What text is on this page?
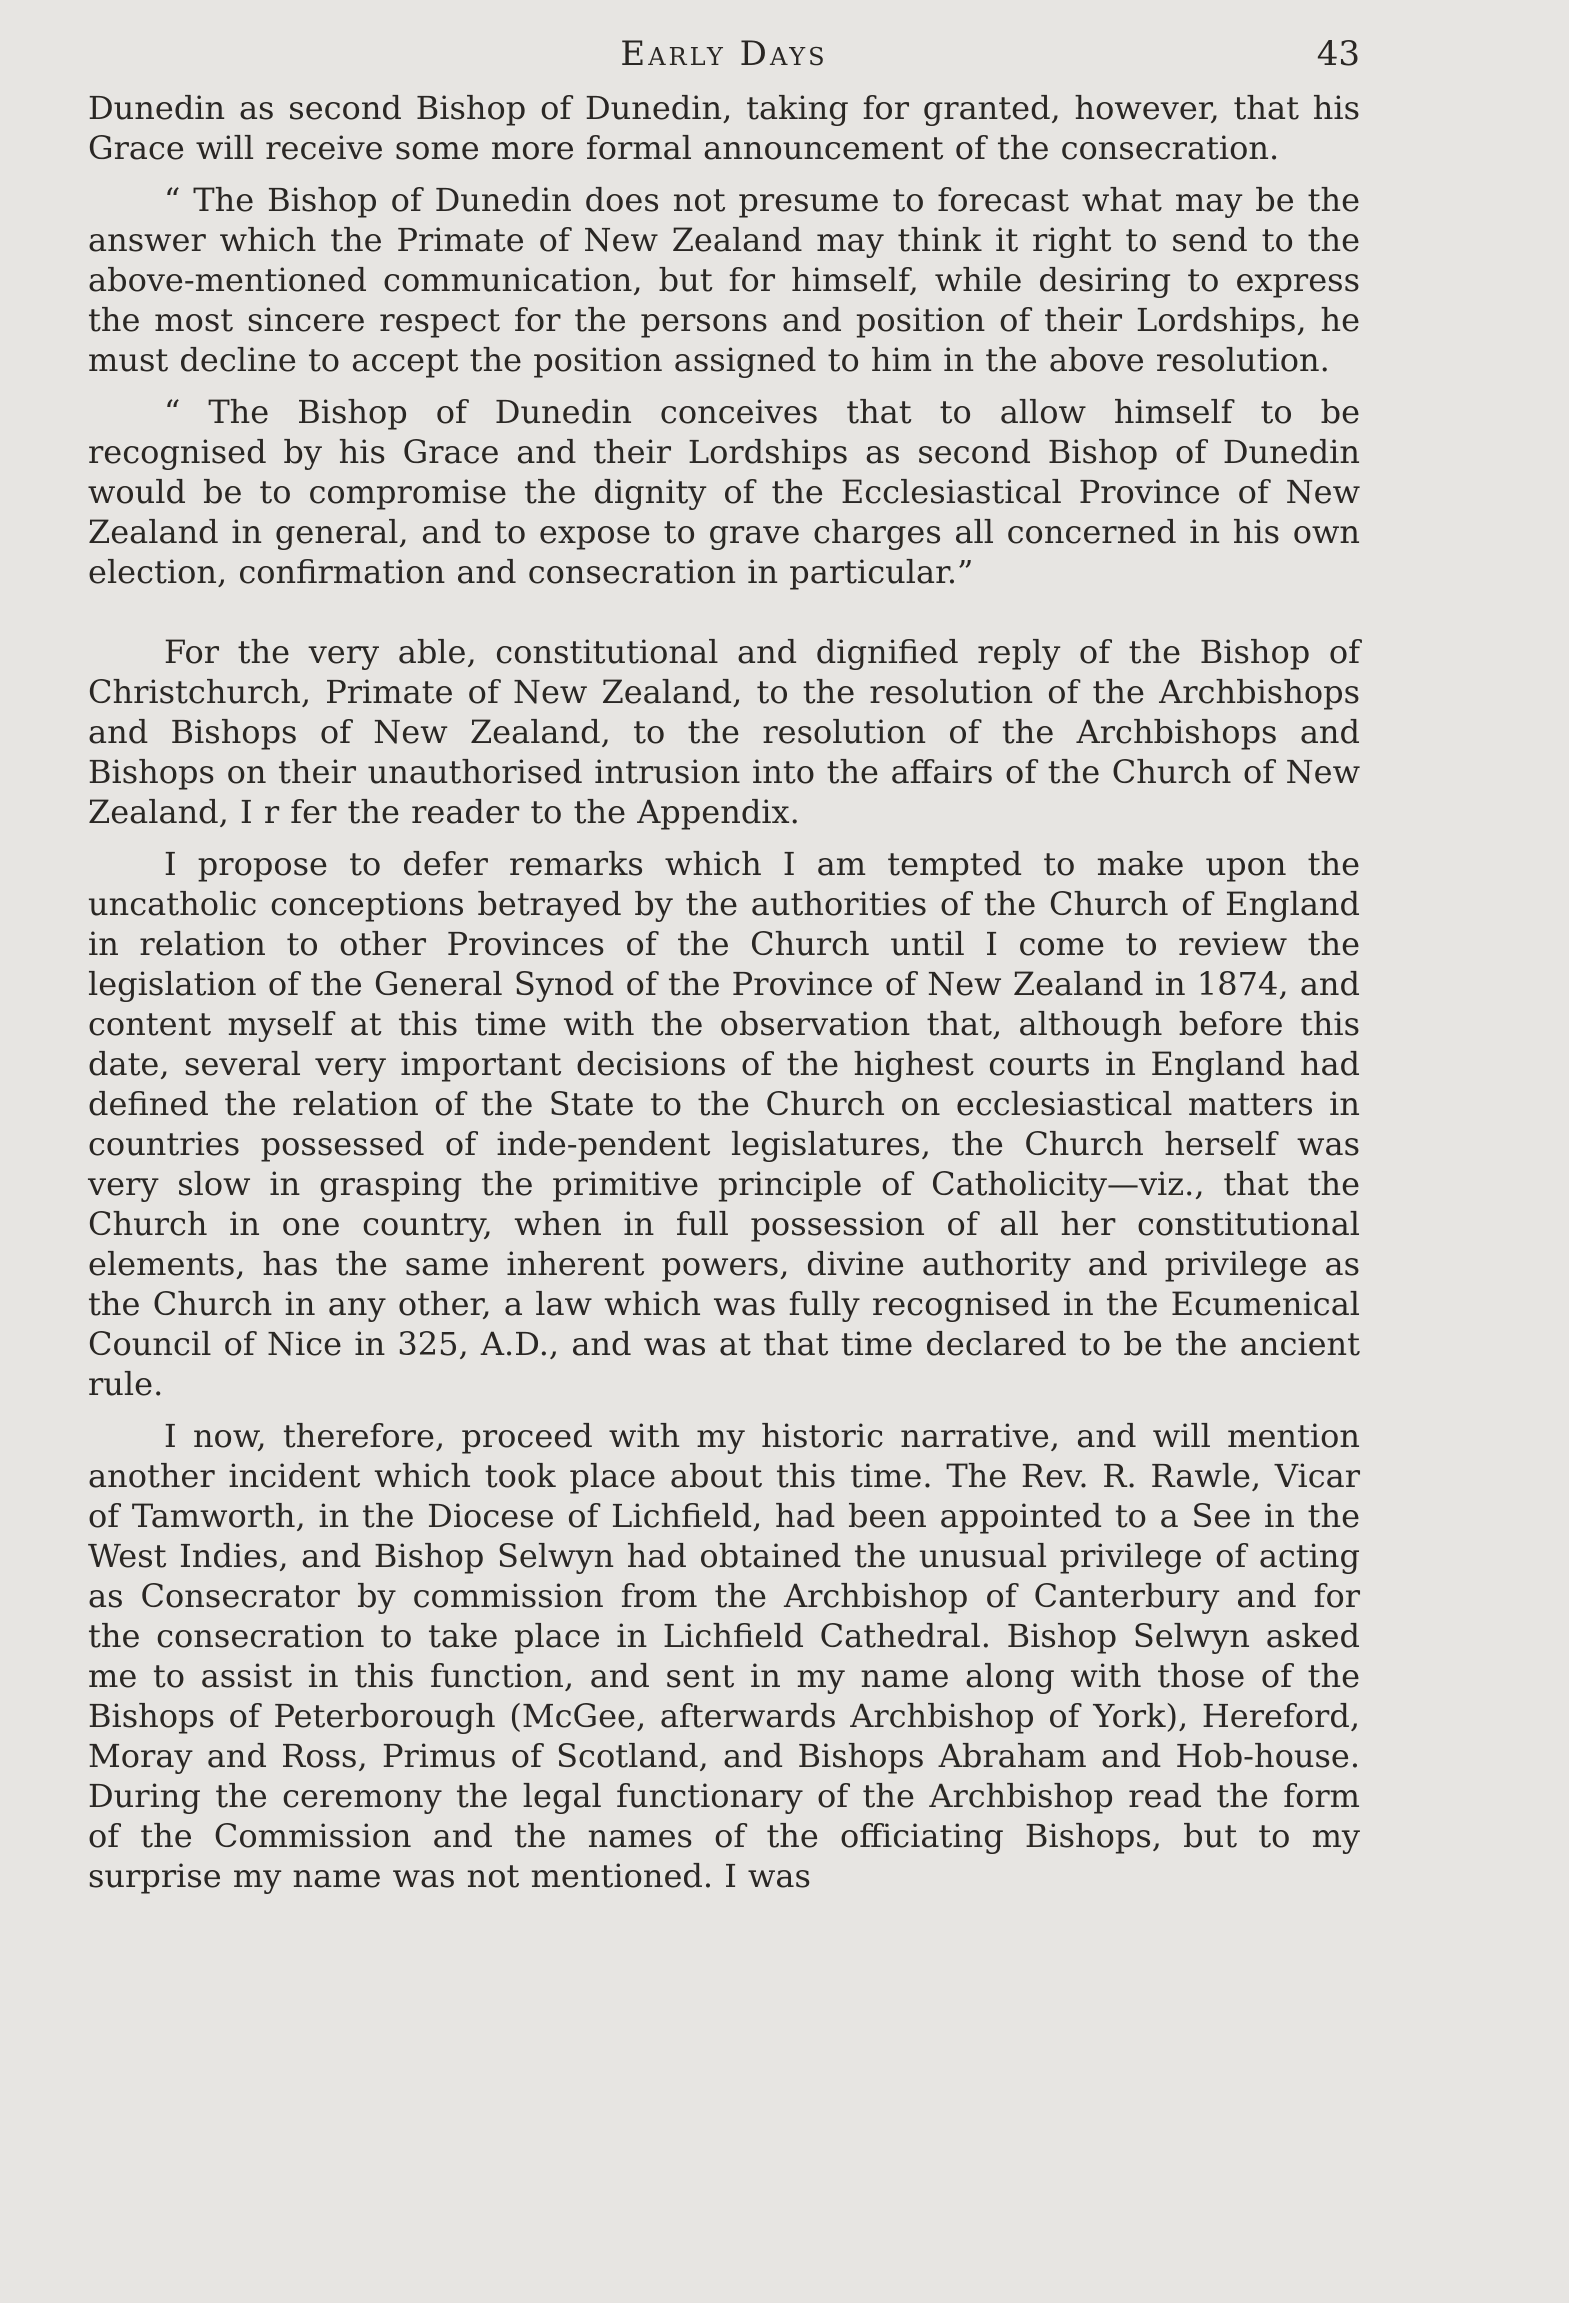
Early Days	43

Dunedin as second Bishop of Dunedin, taking for granted, however, that his Grace will receive some more formal announcement of the consecration.

“ The Bishop of Dunedin does not presume to forecast what may be the answer which the Primate of New Zealand may think it right to send to the above-mentioned communication, but for himself, while desiring to express the most sincere respect for the persons and position of their Lordships, he must decline to accept the position assigned to him in the above resolution.

“ The Bishop of Dunedin conceives that to allow himself to be recognised by his Grace and their Lordships as second Bishop of Dunedin would be to compromise the dignity of the Ecclesiastical Province of New Zealand in general, and to expose to grave charges all concerned in his own election, confirmation and consecration in particular.”

For the very able, constitutional and dignified reply of the Bishop of Christchurch, Primate of New Zealand, to the resolution of the Archbishops and Bishops of New Zealand, to the resolution of the Archbishops and Bishops on their unauthorised intrusion into the affairs of the Church of New Zealand, I r fer the reader to the Appendix.

I propose to defer remarks which I am tempted to make upon the uncatholic conceptions betrayed by the authorities of the Church of England in relation to other Provinces of the Church until I come to review the legislation of the General Synod of the Province of New Zealand in 1874, and content myself at this time with the observation that, although before this date, several very important decisions of the highest courts in England had defined the relation of the State to the Church on ecclesiastical matters in countries possessed of inde-pendent legislatures, the Church herself was very slow in grasping the primitive principle of Catholicity—viz., that the Church in one country, when in full possession of all her constitutional elements, has the same inherent powers, divine authority and privilege as the Church in any other, a law which was fully recognised in the Ecumenical Council of Nice in 325, A.D., and was at that time declared to be the ancient rule.

I now, therefore, proceed with my historic narrative, and will mention another incident which took place about this time. The Rev. R. Rawle, Vicar of Tamworth, in the Diocese of Lichfield, had been appointed to a See in the West Indies, and Bishop Selwyn had obtained the unusual privilege of acting as Consecrator by commission from the Archbishop of Canterbury and for the consecration to take place in Lichfield Cathedral. Bishop Selwyn asked me to assist in this function, and sent in my name along with those of the Bishops of Peterborough (McGee, afterwards Archbishop of York), Hereford, Moray and Ross, Primus of Scotland, and Bishops Abraham and Hob-house. During the ceremony the legal functionary of the Archbishop read the form of the Commission and the names of the officiating Bishops, but to my surprise my name was not mentioned. I was
